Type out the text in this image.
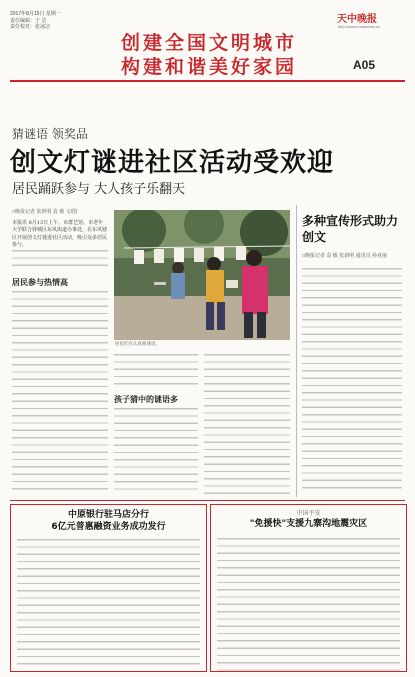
2017年8月15日 星期一
责任编辑：于 洁
责任校对：张冰洁
创建全国文明城市
构建和谐美好家园
天中晚报
http://www.zmdnews.cn
A05
猜谜语 领奖品
创文灯谜进社区活动受欢迎
居民踊跃参与 大人孩子乐翻天
□晚报记者 张新明 袁 敏 文/图
本报讯 8月13日上午，市群艺馆、市老年大学联合驿城区东风街道办事处，在东风辖区开展创文灯谜进社区活动，吸引众多居民参与。
居民参与热情高
居民们在认真猜谜语。
孩子猜中的谜语多
多种宣传形式助力创文
□晚报记者 袁 敏 张新明 通讯员 孙亚丽
中原银行驻马店分行
6亿元普惠融资业务成功发行
中国平安
"免援快"支援九寨沟地震灾区
